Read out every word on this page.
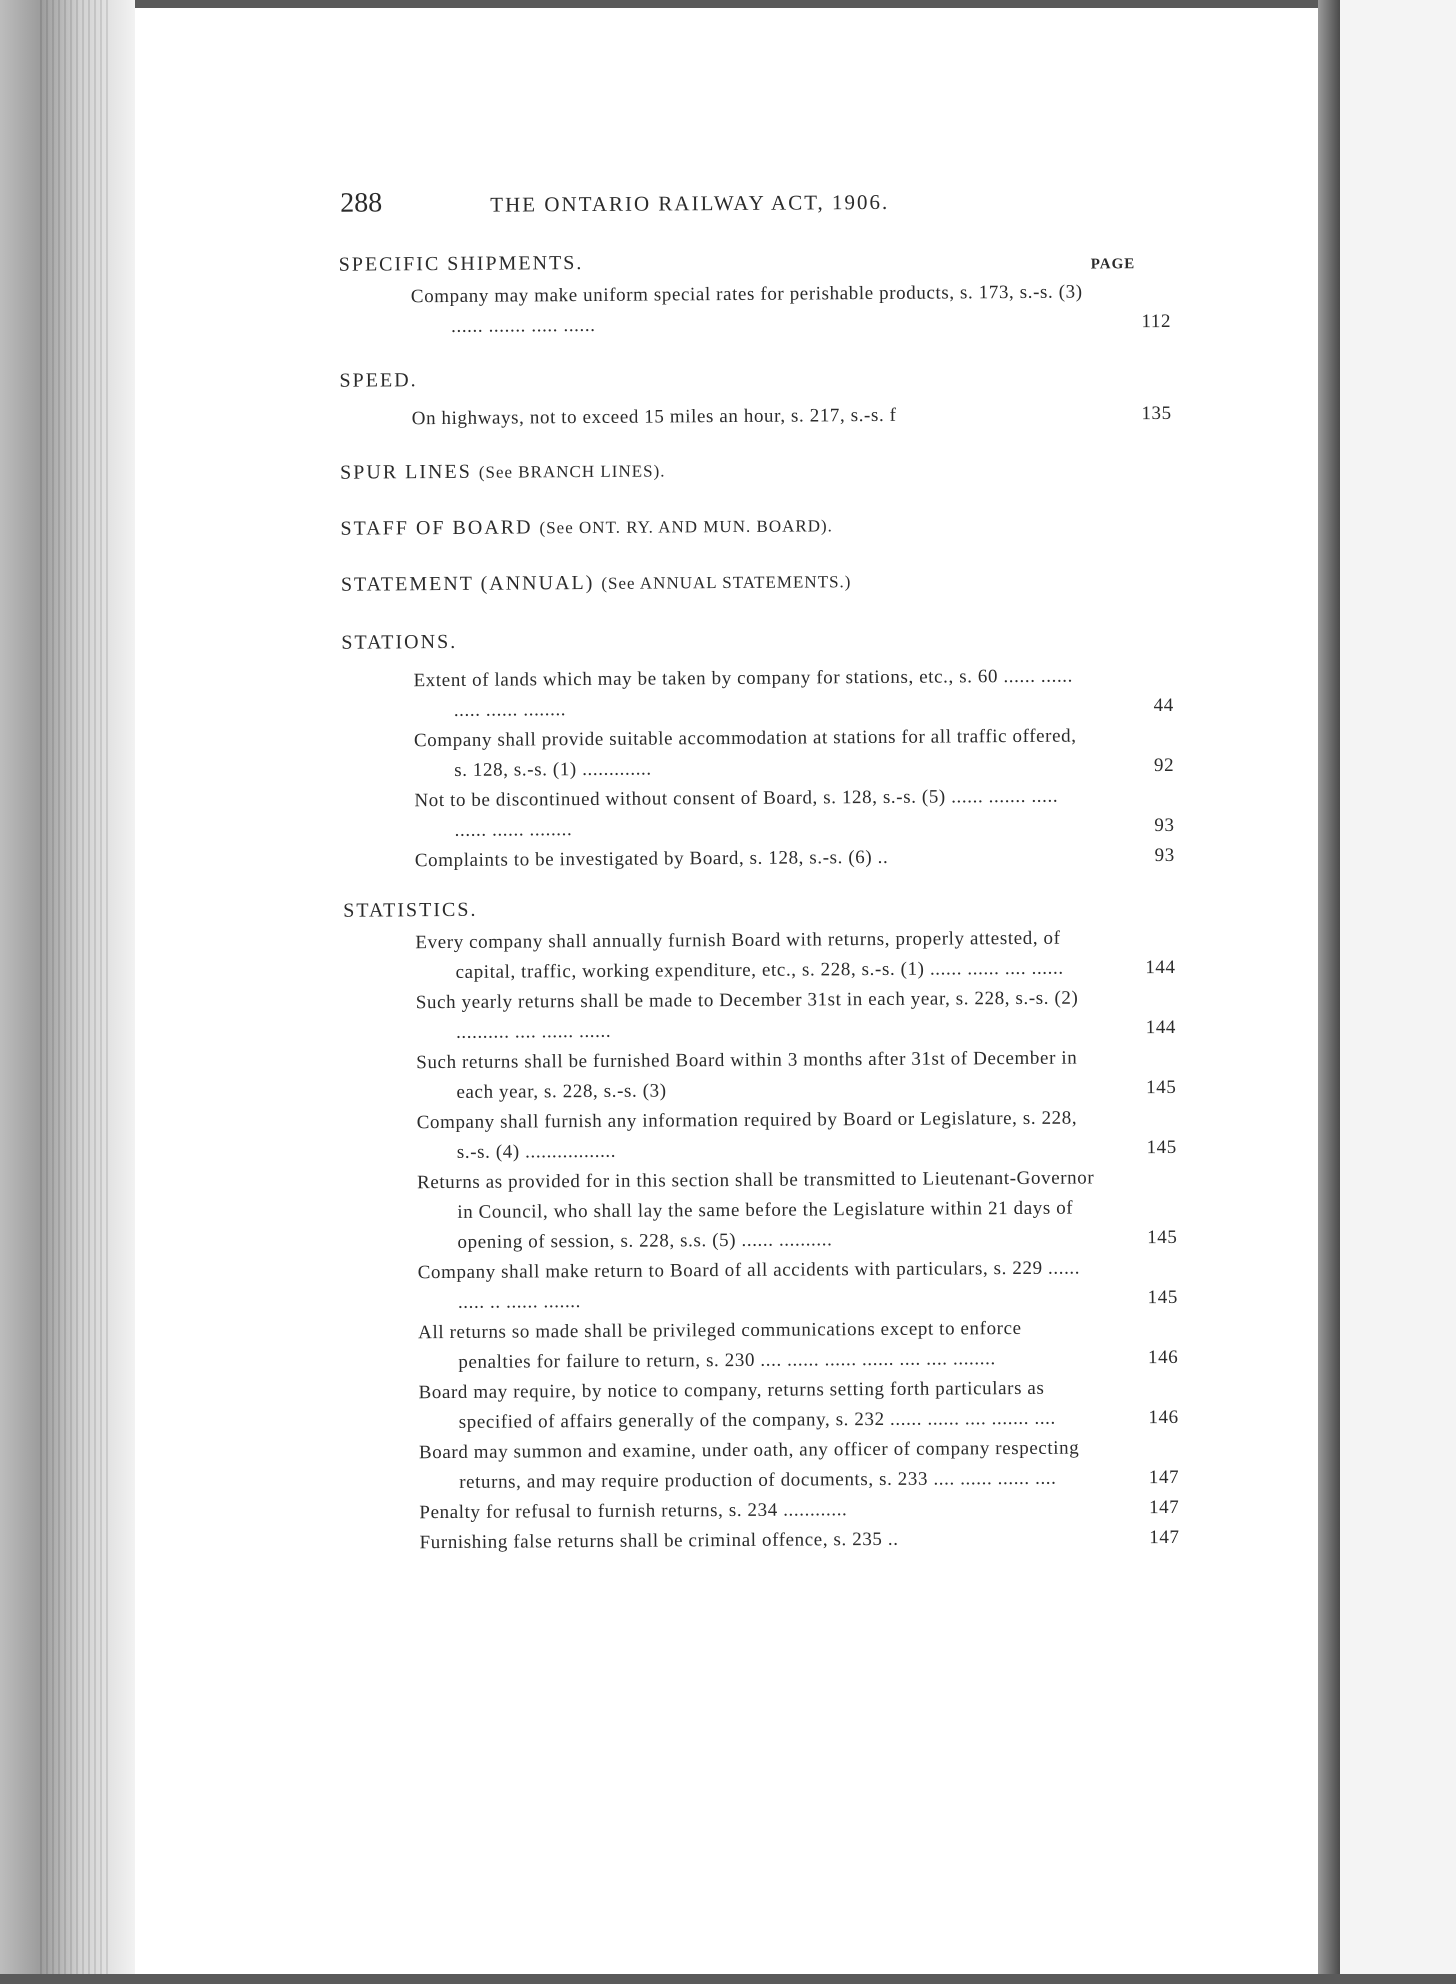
288	THE ONTARIO RAILWAY ACT, 1906.
PAGE

SPECIFIC SHIPMENTS.

Company may make uniform special rates for perishable products, s. 173, s.-s. (3) ...... ....... ..... ......	112

SPEED.

On highways, not to exceed 15 miles an hour, s. 217, s.-s. f	135

SPUR LINES (See BRANCH LINES).

STAFF OF BOARD (See ONT. RY. AND MUN. BOARD).

STATEMENT (ANNUAL) (See ANNUAL STATEMENTS.)

STATIONS.

Extent of lands which may be taken by company for stations, etc., s. 60 ...... ...... ..... ...... ........	44
Company shall provide suitable accommodation at stations for all traffic offered, s. 128, s.-s. (1) .............	92
Not to be discontinued without consent of Board, s. 128, s.-s. (5) ...... ....... ..... ...... ...... ........	93
Complaints to be investigated by Board, s. 128, s.-s. (6) ..	93

STATISTICS.

Every company shall annually furnish Board with returns, properly attested, of capital, traffic, working expenditure, etc., s. 228, s.-s. (1) ...... ...... .... ......	144
Such yearly returns shall be made to December 31st in each year, s. 228, s.-s. (2) .......... .... ...... ......	144
Such returns shall be furnished Board within 3 months after 31st of December in each year, s. 228, s.-s. (3)	145
Company shall furnish any information required by Board or Legislature, s. 228, s.-s. (4) .................	145
Returns as provided for in this section shall be transmitted to Lieutenant-Governor in Council, who shall lay the same before the Legislature within 21 days of opening of session, s. 228, s.s. (5) ...... ..........	145
Company shall make return to Board of all accidents with particulars, s. 229 ...... ..... .. ...... .......	145
All returns so made shall be privileged communications except to enforce penalties for failure to return, s. 230 .... ...... ...... ...... .... .... ........	146
Board may require, by notice to company, returns setting forth particulars as specified of affairs generally of the company, s. 232 ...... ...... .... ....... ....	146
Board may summon and examine, under oath, any officer of company respecting returns, and may require production of documents, s. 233 .... ...... ...... ....	147
Penalty for refusal to furnish returns, s. 234 ............	147
Furnishing false returns shall be criminal offence, s. 235 ..	147
